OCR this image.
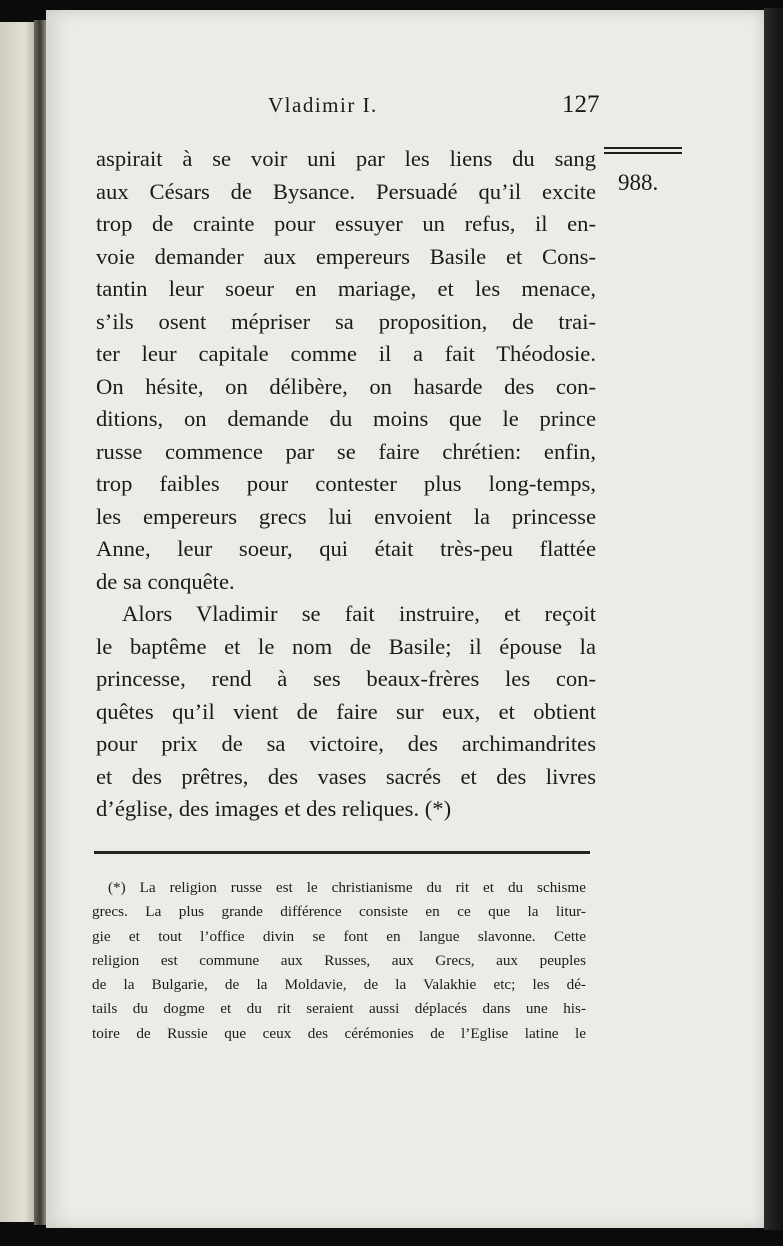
Vladimir I.	127
988.
aspirait à se voir uni par les liens du sang
aux Césars de Bysance. Persuadé qu’il excite
trop de crainte pour essuyer un refus, il en-
voie demander aux empereurs Basile et Cons-
tantin leur soeur en mariage, et les menace,
s’ils osent mépriser sa proposition, de trai-
ter leur capitale comme il a fait Théodosie.
On hésite, on délibère, on hasarde des con-
ditions, on demande du moins que le prince
russe commence par se faire chrétien: enfin,
trop faibles pour contester plus long-temps,
les empereurs grecs lui envoient la princesse
Anne, leur soeur, qui était très-peu flattée
de sa conquête.
Alors Vladimir se fait instruire, et reçoit
le baptême et le nom de Basile; il épouse la
princesse, rend à ses beaux-frères les con-
quêtes qu’il vient de faire sur eux, et obtient
pour prix de sa victoire, des archimandrites
et des prêtres, des vases sacrés et des livres
d’église, des images et des reliques. (*)
(*) La religion russe est le christianisme du rit et du schisme
grecs. La plus grande différence consiste en ce que la litur-
gie et tout l’office divin se font en langue slavonne. Cette
religion est commune aux Russes, aux Grecs, aux peuples
de la Bulgarie, de la Moldavie, de la Valakhie etc; les dé-
tails du dogme et du rit seraient aussi déplacés dans une his-
toire de Russie que ceux des cérémonies de l’Eglise latine le
